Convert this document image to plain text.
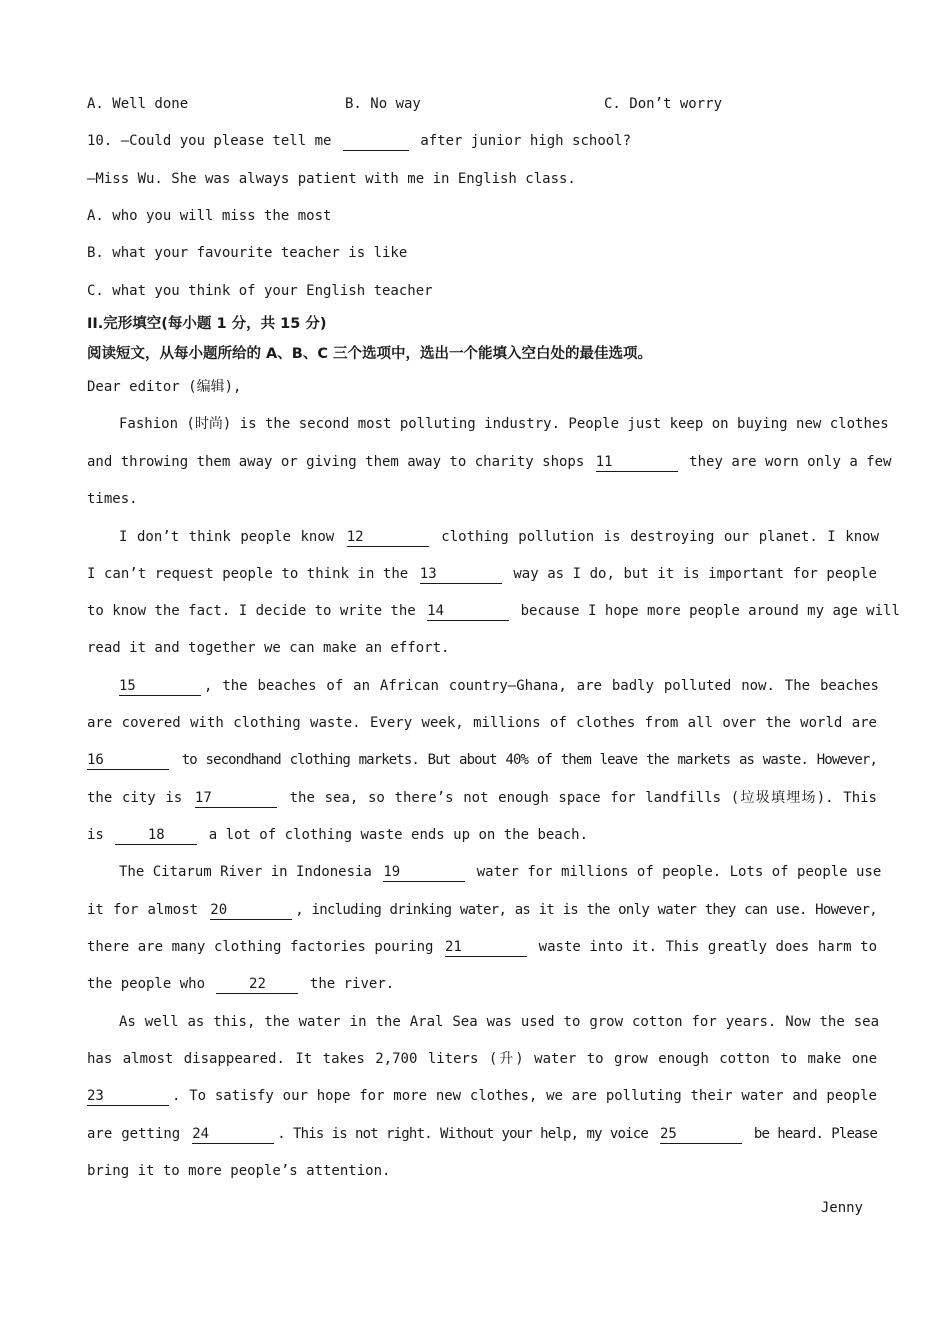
A. Well done	B. No way	C. Don’t worry
10. —Could you please tell me	after junior high school?
—Miss Wu. She was always patient with me in English class.
A. who you will miss the most
B. what your favourite teacher is like
C. what you think of your English teacher
II.完形填空(每小题 1 分，共 15 分)
阅读短文，从每小题所给的 A、B、C 三个选项中，选出一个能填入空白处的最佳选项。
Dear editor (编辑),
Fashion (时尚) is the second most polluting industry. People just keep on buying new clothes
and throwing them away or giving them away to charity shops 11	they are worn only a few
times.
I don’t think people know 12	clothing pollution is destroying our planet. I know
I can’t request people to think in the 13	way as I do, but it is important for people
to know the fact. I decide to write the 14	because I hope more people around my age will
read it and together we can make an effort.
15	, the beaches of an African country—Ghana, are badly polluted now. The beaches
are covered with clothing waste. Every week, millions of clothes from all over the world are
16	to secondhand clothing markets. But about 40% of them leave the markets as waste. However,
the city is 17	the sea, so there’s not enough space for landfills (垃圾填埋场). This
is	18	a lot of clothing waste ends up on the beach.
The Citarum River in Indonesia 19	water for millions of people. Lots of people use
it for almost 20	, including drinking water, as it is the only water they can use. However,
there are many clothing factories pouring 21	waste into it. This greatly does harm to
the people who	22	the river.
As well as this, the water in the Aral Sea was used to grow cotton for years. Now the sea
has almost disappeared. It takes 2,700 liters (升) water to grow enough cotton to make one
23	. To satisfy our hope for more new clothes, we are polluting their water and people
are getting 24	. This is not right. Without your help, my voice 25	be heard. Please
bring it to more people’s attention.
Jenny
